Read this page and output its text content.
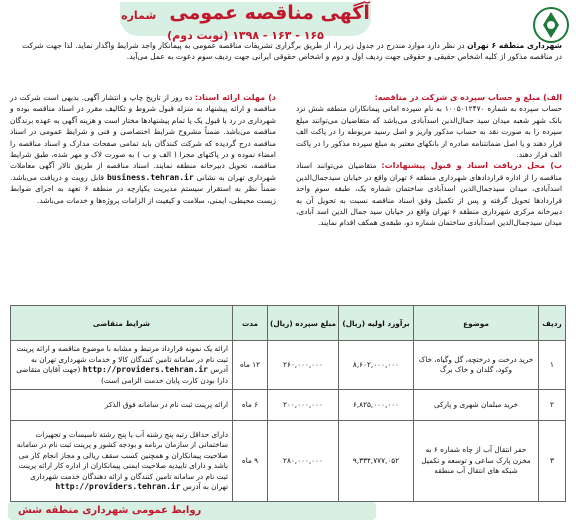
آگهی مناقصه عمومی شماره ۱۶۵ - ۱۶۳ - ۱۳۹۸ (نوبت دوم)
شهرداری منطقه ۶ تهران در نظر دارد موارد مندرج در جدول زیر را، از طریق برگزاری تشریفات مناقصه عمومی به پیمانکار واجد شرایط واگذار نماید. لذا جهت شرکت در مناقصه مذکور از کلیه اشخاص حقیقی و حقوقی جهت ردیف اول و دوم و اشخاص حقوقی ایرانی جهت ردیف سوم دعوت به عمل می‌آید.
الف) مبلغ و حساب سپرده ی شرکت در مناقصه:
حساب سپرده به شماره ۱۰۰۵۰۱۲۴۷۰ به نام سپرده امانی پیمانکاران منطقه شش نزد بانک شهر شعبه میدان سید جمال‌الدین اسدآبادی می‌باشد که متقاضیان می‌توانند مبلغ سپرده را به صورت نقد به حساب مذکور واریز و اصل رسید مربوطه را در پاکت الف قرار دهند و یا اصل ضمانتنامه صادره از بانکهای معتبر به مبلغ سپرده مذکور را در پاکت الف قرار دهند.
ب) محل دریافت اسناد و قبول پیشنهادات: متقاضیان می‌توانند اسناد مناقصه را از اداره قراردادهای شهرداری منطقه ۶ تهران واقع در خیابان سیدجمال‌الدین اسدآبادی، میدان سیدجمال‌الدین اسدآبادی ساختمان شماره یک، طبقه سوم واحد قراردادها تحویل گرفته و پس از تکمیل وفق اسناد مناقصه نسبت به تحویل آن به دبیرخانه مرکزی شهرداری منطقه ۶ تهران واقع در خیابان سید جمال الدین اسد آبادی، میدان سیدجمال‌الدین اسدآبادی ساختمان شماره دو، طبقه‌ی همکف اقدام نمایند.
د) مهلت ارائه اسناد: ده روز از تاریخ چاپ و انتشار آگهی. بدیهی است شرکت در مناقصه و ارائه پیشنهاد به منزله قبول شروط و تکالیف مقرر در اسناد مناقصه بوده و شهرداری در رد یا قبول یک یا تمام پیشنهادها مختار است و هزینه آگهی به عهده برندگان مناقصه می‌باشد. ضمناً مشروح شرایط اختصاصی و فنی و شرایط عمومی در اسناد مناقصه درج گردیده که شرکت کنندگان باید تمامی صفحات مدارک و اسناد مناقصه را امضاء نموده و در پاکتهای مجزا ( الف و ب ) به صورت لاک و مهر شده، طبق شرایط مناقصه، تحویل دبیرخانه منطقه نمایند. اسناد مناقصه از طریق تالار آگهی معاملات شهرداری تهران به نشانی business.tehran.ir قابل رویت و دریافت می‌باشد. ضمناً نظر به استقرار سیستم مدیریت یکپارچه در منطقه ۶ تعهد به اجرای ضوابط زیست محیطی، ایمنی، سلامت و کیفیت از الزامات پروژه‌ها و خدمات می‌باشد.
ردیف	موضوع	برآورد اولیه (ریال)	مبلغ سپرده (ریال)	مدت	شرایط متقاضی
۱	خرید درخت و درختچه، گل وگیاه، خاک وکود، گلدان و خاک برگ	۸,۶۰۲,۰۰۰,۰۰۰	۲۶۰,۰۰۰,۰۰۰	۱۲ ماه	ارائه یک نمونه قرارداد مرتبط و مشابه با موضوع مناقصه و ارائه پرینت ثبت نام در سامانه تامین کنندگان کالا و خدمات شهرداری تهران به آدرس http://providers.tehran.ir (جهت آقایان متقاضی دارا بودن کارت پایان خدمت الزامی است)
۲	خرید مبلمان شهری و پارکی	۶,۸۲۵,۰۰۰,۰۰۰	۲۰۰,۰۰۰,۰۰۰	۶ ماه	ارائه پرینت ثبت نام در سامانه فوق الذکر
۳	حفر انتقال آب از چاه شماره ۶ به مخزن پارک ساعی و توسعه و تکمیل شبکه های انتقال آب منطقه	۹,۳۳۴,۷۷۷,۰۵۲	۲۸۰,۰۰۰,۰۰۰	۹ ماه	دارای حداقل رتبه پنج رشته آب یا پنج رشته تاسیسات و تجهیزات ساختمانی از سازمان برنامه و بودجه کشور و پرینت ثبت نام در سامانه صلاحیت پیمانکاران و همچنین کسب سقف ریالی و مجاز انجام کار می باشد و دارای تاییدیه صلاحیت ایمنی پیمانکاران از اداره کار ارائه پرینت ثبت نام در سامانه تامین کنندگان و ارائه دهندگان خدمت شهرداری تهران به آدرس http://providers.tehran.ir
روابط عمومی شهرداری منطقه شش
